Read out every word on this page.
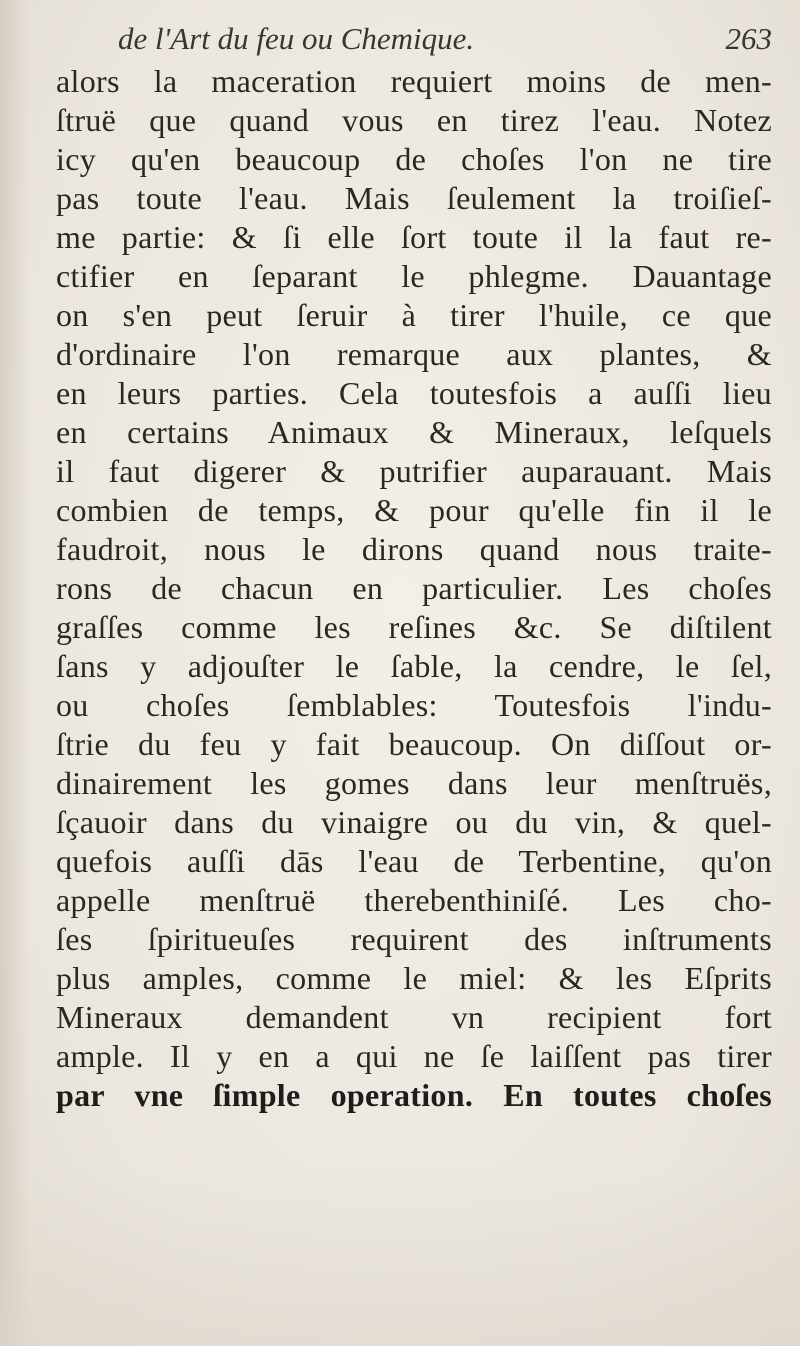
de l'Art du feu ou Chemique.	263
alors la maceration requiert moins de men-
ſtruë que quand vous en tirez l'eau. Notez
icy qu'en beaucoup de choſes l'on ne tire
pas toute l'eau. Mais ſeulement la troiſieſ-
me partie: & ſi elle ſort toute il la faut re-
ctifier en ſeparant le phlegme. Dauantage
on s'en peut ſeruir à tirer l'huile, ce que
d'ordinaire l'on remarque aux plantes, &
en leurs parties. Cela toutesfois a auſſi lieu
en certains Animaux & Mineraux, leſquels
il faut digerer & putrifier auparauant. Mais
combien de temps, & pour qu'elle fin il le
faudroit, nous le dirons quand nous traite-
rons de chacun en particulier. Les choſes
graſſes comme les reſines &c. Se diſtilent
ſans y adjouſter le ſable, la cendre, le ſel,
ou choſes ſemblables: Toutesfois l'indu-
ſtrie du feu y fait beaucoup. On diſſout or-
dinairement les gomes dans leur menſtruës,
ſçauoir dans du vinaigre ou du vin, & quel-
quefois auſſi dās l'eau de Terbentine, qu'on
appelle menſtruë therebenthiniſé. Les cho-
ſes ſpiritueuſes requirent des inſtruments
plus amples, comme le miel: & les Eſprits
Mineraux demandent vn recipient fort
ample. Il y en a qui ne ſe laiſſent pas tirer
par vne ſimple operation. En toutes choſes
